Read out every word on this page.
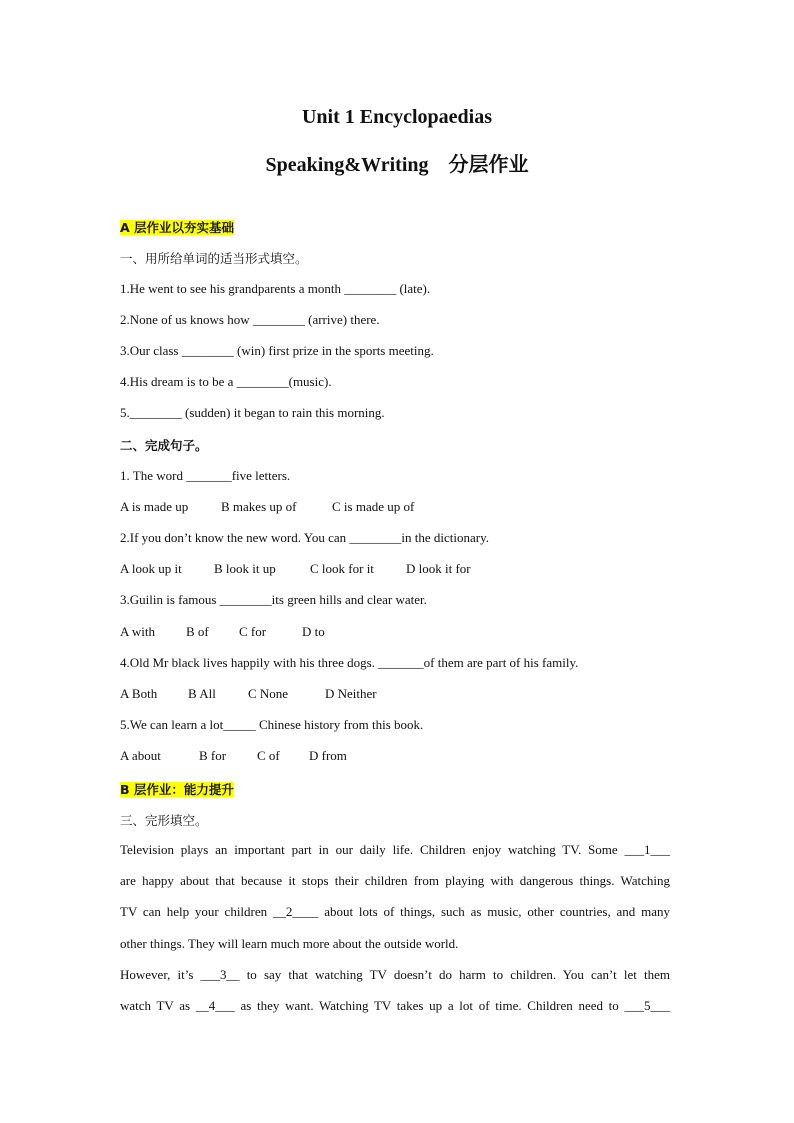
Unit 1 Encyclopaedias
Speaking&Writing　分层作业
A 层作业以夯实基础
一、用所给单词的适当形式填空。
1.He went to see his grandparents a month ________ (late).
2.None of us knows how ________ (arrive) there.
3.Our class ________ (win) first prize in the sports meeting.
4.His dream is to be a ________(music).
5.________ (sudden) it began to rain this morning.
二、完成句子。
1. The word _______five letters.
A is made up	B makes up of	C is made up of
2.If you don’t know the new word. You can ________in the dictionary.
A look up it	B look it up	C look for it	D look it for
3.Guilin is famous ________its green hills and clear water.
A with	B of	C for	D to
4.Old Mr black lives happily with his three dogs. _______of them are part of his family.
A Both	B All	C None	D Neither
5.We can learn a lot_____ Chinese history from this book.
A about	B for	C of	D from
B 层作业：能力提升
三、完形填空。
Television plays an important part in our daily life. Children enjoy watching TV. Some ___1___
are happy about that because it stops their children from playing with dangerous things. Watching
TV can help your children __2____ about lots of things, such as music, other countries, and many
other things. They will learn much more about the outside world.
However, it’s ___3__ to say that watching TV doesn’t do harm to children. You can’t let them
watch TV as __4___ as they want. Watching TV takes up a lot of time. Children need to ___5___
